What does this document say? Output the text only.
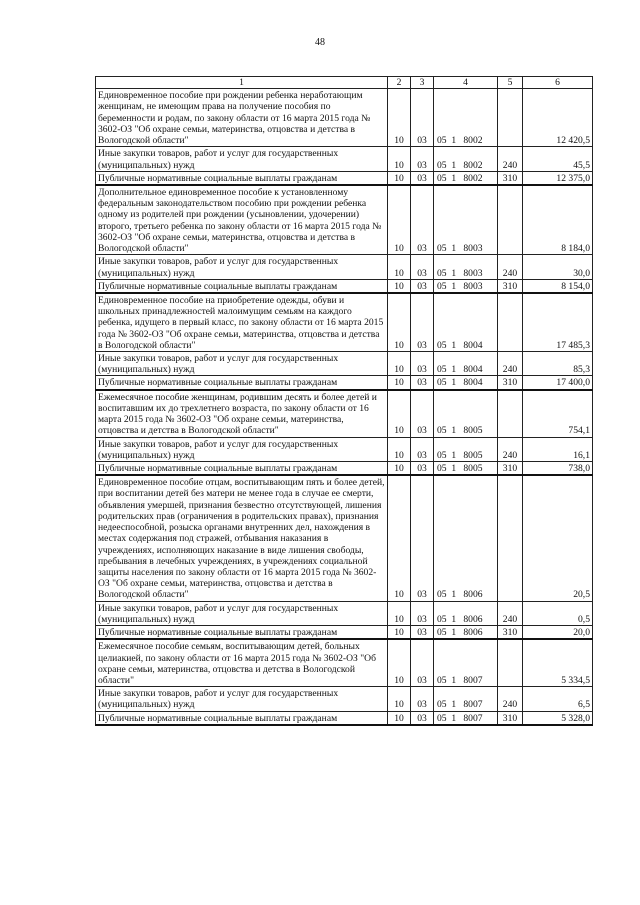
48
1	2	3	4	5	6
Единовременное пособие при рождении ребенка неработающим женщинам, не имеющим права на получение пособия по беременности и родам, по закону области от 16 марта 2015 года № 3602-ОЗ "Об охране семьи, материнства, отцовства и детства в Вологодской области"	10	03	05  1   8002		12 420,5
Иные закупки товаров, работ и услуг для государственных (муниципальных) нужд	10	03	05  1   8002	240	45,5
Публичные нормативные социальные выплаты гражданам	10	03	05  1   8002	310	12 375,0
Дополнительное единовременное пособие к установленному федеральным законодательством пособию при рождении ребенка одному из родителей при рождении (усыновлении, удочерении) второго, третьего ребенка по закону области от 16 марта 2015 года № 3602-ОЗ "Об охране семьи, материнства, отцовства и детства в Вологодской области"	10	03	05  1   8003		8 184,0
Иные закупки товаров, работ и услуг для государственных (муниципальных) нужд	10	03	05  1   8003	240	30,0
Публичные нормативные социальные выплаты гражданам	10	03	05  1   8003	310	8 154,0
Единовременное пособие на приобретение одежды, обуви и школьных принадлежностей малоимущим семьям на каждого ребенка, идущего в первый класс, по закону области от 16 марта 2015 года № 3602-ОЗ "Об охране семьи, материнства, отцовства и детства в Вологодской области"	10	03	05  1   8004		17 485,3
Иные закупки товаров, работ и услуг для государственных (муниципальных) нужд	10	03	05  1   8004	240	85,3
Публичные нормативные социальные выплаты гражданам	10	03	05  1   8004	310	17 400,0
Ежемесячное пособие женщинам, родившим десять и более детей и воспитавшим их до трехлетнего возраста, по закону области от 16 марта 2015 года № 3602-ОЗ "Об охране семьи, материнства, отцовства и детства в Вологодской области"	10	03	05  1   8005		754,1
Иные закупки товаров, работ и услуг для государственных (муниципальных) нужд	10	03	05  1   8005	240	16,1
Публичные нормативные социальные выплаты гражданам	10	03	05  1   8005	310	738,0
Единовременное пособие отцам, воспитывающим пять и более детей, при воспитании детей без матери не менее года в случае ее смерти, объявления умершей, признания безвестно отсутствующей, лишения родительских прав (ограничения в родительских правах), признания недееспособной, розыска органами внутренних дел, нахождения в местах содержания под стражей, отбывания наказания в учреждениях, исполняющих наказание в виде лишения свободы, пребывания в лечебных учреждениях, в учреждениях социальной защиты населения по закону области от 16 марта 2015 года № 3602-ОЗ "Об охране семьи, материнства, отцовства и детства в Вологодской области"	10	03	05  1   8006		20,5
Иные закупки товаров, работ и услуг для государственных (муниципальных) нужд	10	03	05  1   8006	240	0,5
Публичные нормативные социальные выплаты гражданам	10	03	05  1   8006	310	20,0
Ежемесячное пособие семьям, воспитывающим детей, больных целиакией, по закону области от 16 марта 2015 года № 3602-ОЗ "Об охране семьи, материнства, отцовства и детства в Вологодской области"	10	03	05  1   8007		5 334,5
Иные закупки товаров, работ и услуг для государственных (муниципальных) нужд	10	03	05  1   8007	240	6,5
Публичные нормативные социальные выплаты гражданам	10	03	05  1   8007	310	5 328,0
